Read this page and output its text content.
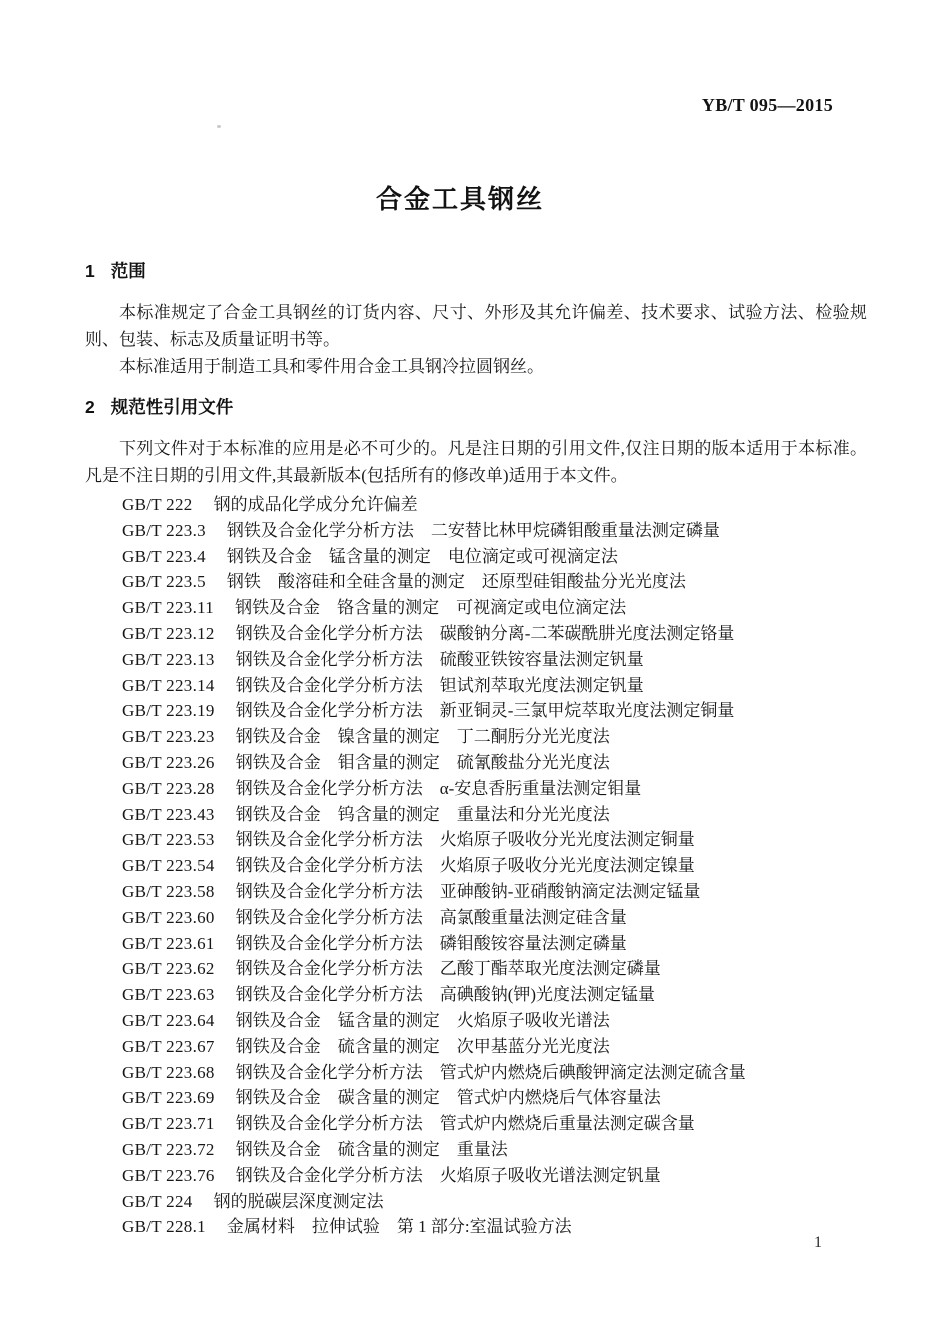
YB/T 095—2015
合金工具钢丝
1 范围

本标准规定了合金工具钢丝的订货内容、尺寸、外形及其允许偏差、技术要求、试验方法、检验规则、包装、标志及质量证明书等。

本标准适用于制造工具和零件用合金工具钢冷拉圆钢丝。

2 规范性引用文件

下列文件对于本标准的应用是必不可少的。凡是注日期的引用文件,仅注日期的版本适用于本标准。凡是不注日期的引用文件,其最新版本(包括所有的修改单)适用于本文件。

GB/T 222 钢的成品化学成分允许偏差
GB/T 223.3 钢铁及合金化学分析方法　二安替比林甲烷磷钼酸重量法测定磷量
GB/T 223.4 钢铁及合金　锰含量的测定　电位滴定或可视滴定法
GB/T 223.5 钢铁　酸溶硅和全硅含量的测定　还原型硅钼酸盐分光光度法
GB/T 223.11 钢铁及合金　铬含量的测定　可视滴定或电位滴定法
GB/T 223.12 钢铁及合金化学分析方法　碳酸钠分离-二苯碳酰肼光度法测定铬量
GB/T 223.13 钢铁及合金化学分析方法　硫酸亚铁铵容量法测定钒量
GB/T 223.14 钢铁及合金化学分析方法　钽试剂萃取光度法测定钒量
GB/T 223.19 钢铁及合金化学分析方法　新亚铜灵-三氯甲烷萃取光度法测定铜量
GB/T 223.23 钢铁及合金　镍含量的测定　丁二酮肟分光光度法
GB/T 223.26 钢铁及合金　钼含量的测定　硫氰酸盐分光光度法
GB/T 223.28 钢铁及合金化学分析方法　α-安息香肟重量法测定钼量
GB/T 223.43 钢铁及合金　钨含量的测定　重量法和分光光度法
GB/T 223.53 钢铁及合金化学分析方法　火焰原子吸收分光光度法测定铜量
GB/T 223.54 钢铁及合金化学分析方法　火焰原子吸收分光光度法测定镍量
GB/T 223.58 钢铁及合金化学分析方法　亚砷酸钠-亚硝酸钠滴定法测定锰量
GB/T 223.60 钢铁及合金化学分析方法　高氯酸重量法测定硅含量
GB/T 223.61 钢铁及合金化学分析方法　磷钼酸铵容量法测定磷量
GB/T 223.62 钢铁及合金化学分析方法　乙酸丁酯萃取光度法测定磷量
GB/T 223.63 钢铁及合金化学分析方法　高碘酸钠(钾)光度法测定锰量
GB/T 223.64 钢铁及合金　锰含量的测定　火焰原子吸收光谱法
GB/T 223.67 钢铁及合金　硫含量的测定　次甲基蓝分光光度法
GB/T 223.68 钢铁及合金化学分析方法　管式炉内燃烧后碘酸钾滴定法测定硫含量
GB/T 223.69 钢铁及合金　碳含量的测定　管式炉内燃烧后气体容量法
GB/T 223.71 钢铁及合金化学分析方法　管式炉内燃烧后重量法测定碳含量
GB/T 223.72 钢铁及合金　硫含量的测定　重量法
GB/T 223.76 钢铁及合金化学分析方法　火焰原子吸收光谱法测定钒量
GB/T 224 钢的脱碳层深度测定法
GB/T 228.1 金属材料　拉伸试验　第 1 部分:室温试验方法
1
